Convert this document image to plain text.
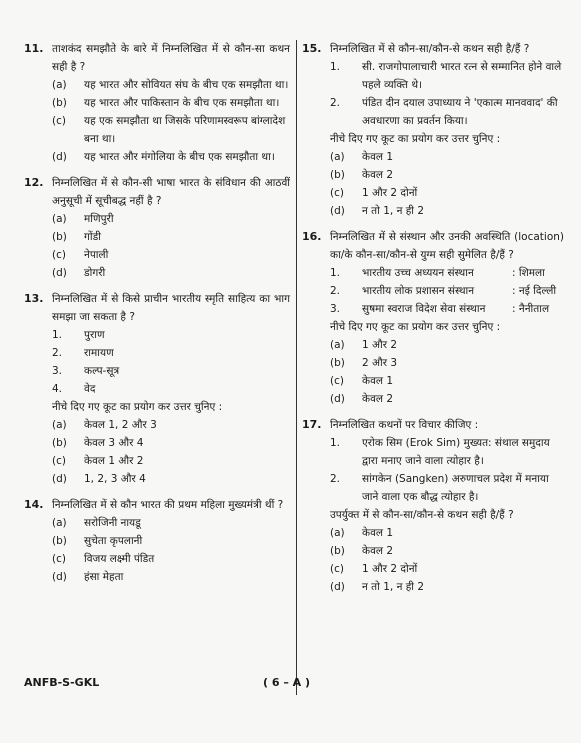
11. ताशकंद समझौते के बारे में निम्नलिखित में से कौन-सा कथन सही है ?
(a)	यह भारत और सोवियत संघ के बीच एक समझौता था।
(b)	यह भारत और पाकिस्तान के बीच एक समझौता था।
(c)	यह एक समझौता था जिसके परिणामस्वरूप बांग्लादेश बना था।
(d)	यह भारत और मंगोलिया के बीच एक समझौता था।
12. निम्नलिखित में से कौन-सी भाषा भारत के संविधान की आठवीं अनुसूची में सूचीबद्ध नहीं है ?
(a)	मणिपुरी
(b)	गोंडी
(c)	नेपाली
(d)	डोगरी
13. निम्नलिखित में से किसे प्राचीन भारतीय स्मृति साहित्य का भाग समझा जा सकता है ?
1.	पुराण
2.	रामायण
3.	कल्प-सूत्र
4.	वेद
नीचे दिए गए कूट का प्रयोग कर उत्तर चुनिए :
(a)	केवल 1, 2 और 3
(b)	केवल 3 और 4
(c)	केवल 1 और 2
(d)	1, 2, 3 और 4
14. निम्नलिखित में से कौन भारत की प्रथम महिला मुख्यमंत्री थीं ?
(a)	सरोजिनी नायडू
(b)	सुचेता कृपलानी
(c)	विजय लक्ष्मी पंडित
(d)	हंसा मेहता
15. निम्नलिखित में से कौन-सा/कौन-से कथन सही है/हैं ?
1.	सी. राजगोपालाचारी भारत रत्न से सम्मानित होने वाले पहले व्यक्ति थे।
2.	पंडित दीन दयाल उपाध्याय ने 'एकात्म मानववाद' की अवधारणा का प्रवर्तन किया।
नीचे दिए गए कूट का प्रयोग कर उत्तर चुनिए :
(a)	केवल 1
(b)	केवल 2
(c)	1 और 2 दोनों
(d)	न तो 1, न ही 2
16. निम्नलिखित में से संस्थान और उनकी अवस्थिति (location) का/के कौन-सा/कौन-से युग्म सही सुमेलित है/हैं ?
1.	भारतीय उच्च अध्ययन संस्थान	: शिमला
2.	भारतीय लोक प्रशासन संस्थान	: नई दिल्ली
3.	सुषमा स्वराज विदेश सेवा संस्थान	: नैनीताल
नीचे दिए गए कूट का प्रयोग कर उत्तर चुनिए :
(a)	1 और 2
(b)	2 और 3
(c)	केवल 1
(d)	केवल 2
17. निम्नलिखित कथनों पर विचार कीजिए :
1.	एरोक सिम (Erok Sim) मुख्यत: संथाल समुदाय द्वारा मनाए जाने वाला त्योहार है।
2.	सांगकेन (Sangken) अरुणाचल प्रदेश में मनाया जाने वाला एक बौद्ध त्योहार है।
उपर्युक्त में से कौन-सा/कौन-से कथन सही है/हैं ?
(a)	केवल 1
(b)	केवल 2
(c)	1 और 2 दोनों
(d)	न तो 1, न ही 2
ANFB-S-GKL	( 6 – A )
